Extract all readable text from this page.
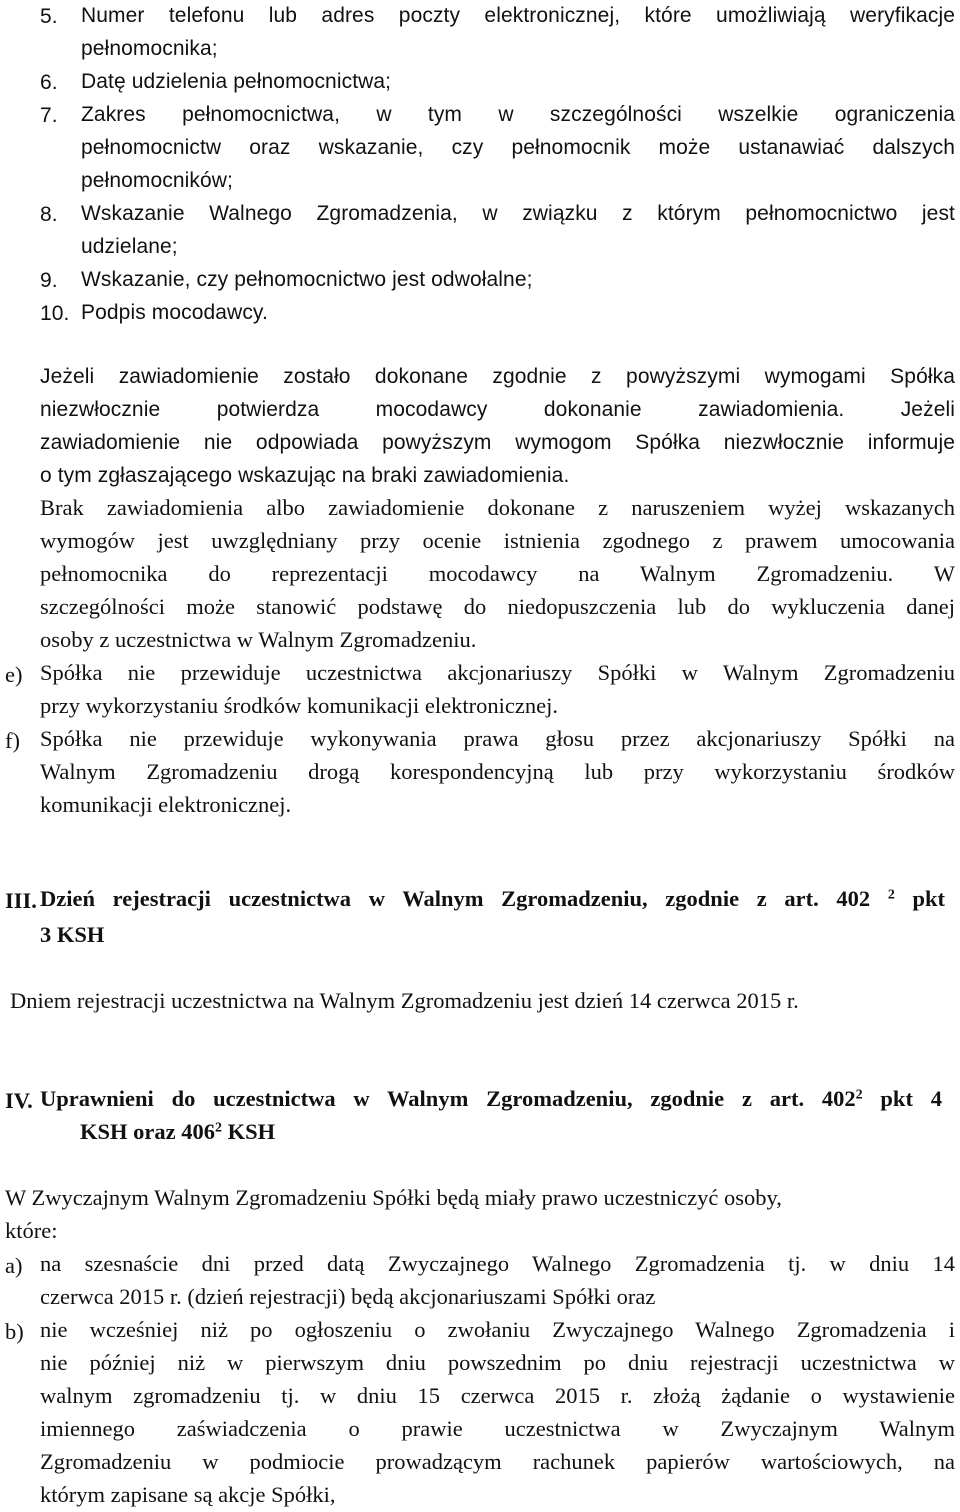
5. Numer telefonu lub adres poczty elektronicznej, które umożliwiają weryfikacje
pełnomocnika;
6. Datę udzielenia pełnomocnictwa;
7. Zakres pełnomocnictwa, w tym w szczególności wszelkie ograniczenia
pełnomocnictw oraz wskazanie, czy pełnomocnik może ustanawiać dalszych
pełnomocników;
8. Wskazanie Walnego Zgromadzenia, w związku z którym pełnomocnictwo jest
udzielane;
9. Wskazanie, czy pełnomocnictwo jest odwołalne;
10. Podpis mocodawcy.
Jeżeli zawiadomienie zostało dokonane zgodnie z powyższymi wymogami Spółka
niezwłocznie potwierdza mocodawcy dokonanie zawiadomienia. Jeżeli
zawiadomienie nie odpowiada powyższym wymogom Spółka niezwłocznie informuje
o tym zgłaszającego wskazując na braki zawiadomienia.
Brak zawiadomienia albo zawiadomienie dokonane z naruszeniem wyżej wskazanych
wymogów jest uwzględniany przy ocenie istnienia zgodnego z prawem umocowania
pełnomocnika do reprezentacji mocodawcy na Walnym Zgromadzeniu. W
szczególności może stanowić podstawę do niedopuszczenia lub do wykluczenia danej
osoby z uczestnictwa w Walnym Zgromadzeniu.
e) Spółka nie przewiduje uczestnictwa akcjonariuszy Spółki w Walnym Zgromadzeniu
przy wykorzystaniu środków komunikacji elektronicznej.
f) Spółka nie przewiduje wykonywania prawa głosu przez akcjonariuszy Spółki na
Walnym Zgromadzeniu drogą korespondencyjną lub przy wykorzystaniu środków
komunikacji elektronicznej.
III. Dzień rejestracji uczestnictwa w Walnym Zgromadzeniu, zgodnie z art. 402 $^2$ pkt
3 KSH
Dniem rejestracji uczestnictwa na Walnym Zgromadzeniu jest dzień 14 czerwca 2015 r.
IV. Uprawnieni do uczestnictwa w Walnym Zgromadzeniu, zgodnie z art. $402^2$ pkt 4
KSH oraz $406^2$ KSH
W Zwyczajnym Walnym Zgromadzeniu Spółki będą miały prawo uczestniczyć osoby,
które:
a) na szesnaście dni przed datą Zwyczajnego Walnego Zgromadzenia tj. w dniu 14
czerwca 2015 r. (dzień rejestracji) będą akcjonariuszami Spółki oraz
b) nie wcześniej niż po ogłoszeniu o zwołaniu Zwyczajnego Walnego Zgromadzenia i
nie później niż w pierwszym dniu powszednim po dniu rejestracji uczestnictwa w
walnym zgromadzeniu tj. w dniu 15 czerwca 2015 r. złożą żądanie o wystawienie
imiennego zaświadczenia o prawie uczestnictwa w Zwyczajnym Walnym
Zgromadzeniu w podmiocie prowadzącym rachunek papierów wartościowych, na
którym zapisane są akcje Spółki,
